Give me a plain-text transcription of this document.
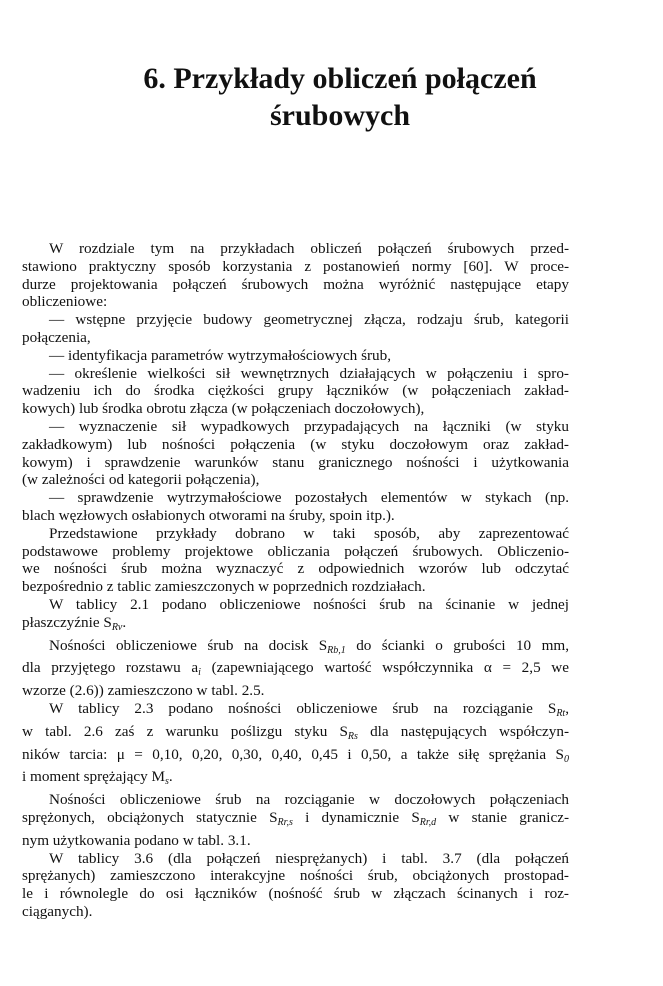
6. Przykłady obliczeń połączeń
śrubowych
W rozdziale tym na przykładach obliczeń połączeń śrubowych przed-
stawiono praktyczny sposób korzystania z postanowień normy [60]. W proce-
durze projektowania połączeń śrubowych można wyróżnić następujące etapy
obliczeniowe:
— wstępne przyjęcie budowy geometrycznej złącza, rodzaju śrub, kategorii
połączenia,
— identyfikacja parametrów wytrzymałościowych śrub,
— określenie wielkości sił wewnętrznych działających w połączeniu i spro-
wadzeniu ich do środka ciężkości grupy łączników (w połączeniach zakład-
kowych) lub środka obrotu złącza (w połączeniach doczołowych),
— wyznaczenie sił wypadkowych przypadających na łączniki (w styku
zakładkowym) lub nośności połączenia (w styku doczołowym oraz zakład-
kowym) i sprawdzenie warunków stanu granicznego nośności i użytkowania
(w zależności od kategorii połączenia),
— sprawdzenie wytrzymałościowe pozostałych elementów w stykach (np.
blach węzłowych osłabionych otworami na śruby, spoin itp.).
Przedstawione przykłady dobrano w taki sposób, aby zaprezentować
podstawowe problemy projektowe obliczania połączeń śrubowych. Obliczenio-
we nośności śrub można wyznaczyć z odpowiednich wzorów lub odczytać
bezpośrednio z tablic zamieszczonych w poprzednich rozdziałach.
W tablicy 2.1 podano obliczeniowe nośności śrub na ścinanie w jednej
płaszczyźnie $S_{Rv}$.
Nośności obliczeniowe śrub na docisk $S_{Rb,1}$ do ścianki o grubości 10 mm,
dla przyjętego rozstawu $a_i$ (zapewniającego wartość współczynnika α = 2,5 we
wzorze (2.6)) zamieszczono w tabl. 2.5.
W tablicy 2.3 podano nośności obliczeniowe śrub na rozciąganie $S_{Rt}$,
w tabl. 2.6 zaś z warunku poślizgu styku $S_{Rs}$ dla następujących współczyn-
ników tarcia: μ = 0,10, 0,20, 0,30, 0,40, 0,45 i 0,50, a także siłę sprężania $S_0$
i moment sprężający $M_s$.
Nośności obliczeniowe śrub na rozciąganie w doczołowych połączeniach
sprężonych, obciążonych statycznie $S_{Rr,s}$ i dynamicznie $S_{Rr,d}$ w stanie granicz-
nym użytkowania podano w tabl. 3.1.
W tablicy 3.6 (dla połączeń niesprężanych) i tabl. 3.7 (dla połączeń
sprężanych) zamieszczono interakcyjne nośności śrub, obciążonych prostopad-
le i równolegle do osi łączników (nośność śrub w złączach ścinanych i roz-
ciąganych).
